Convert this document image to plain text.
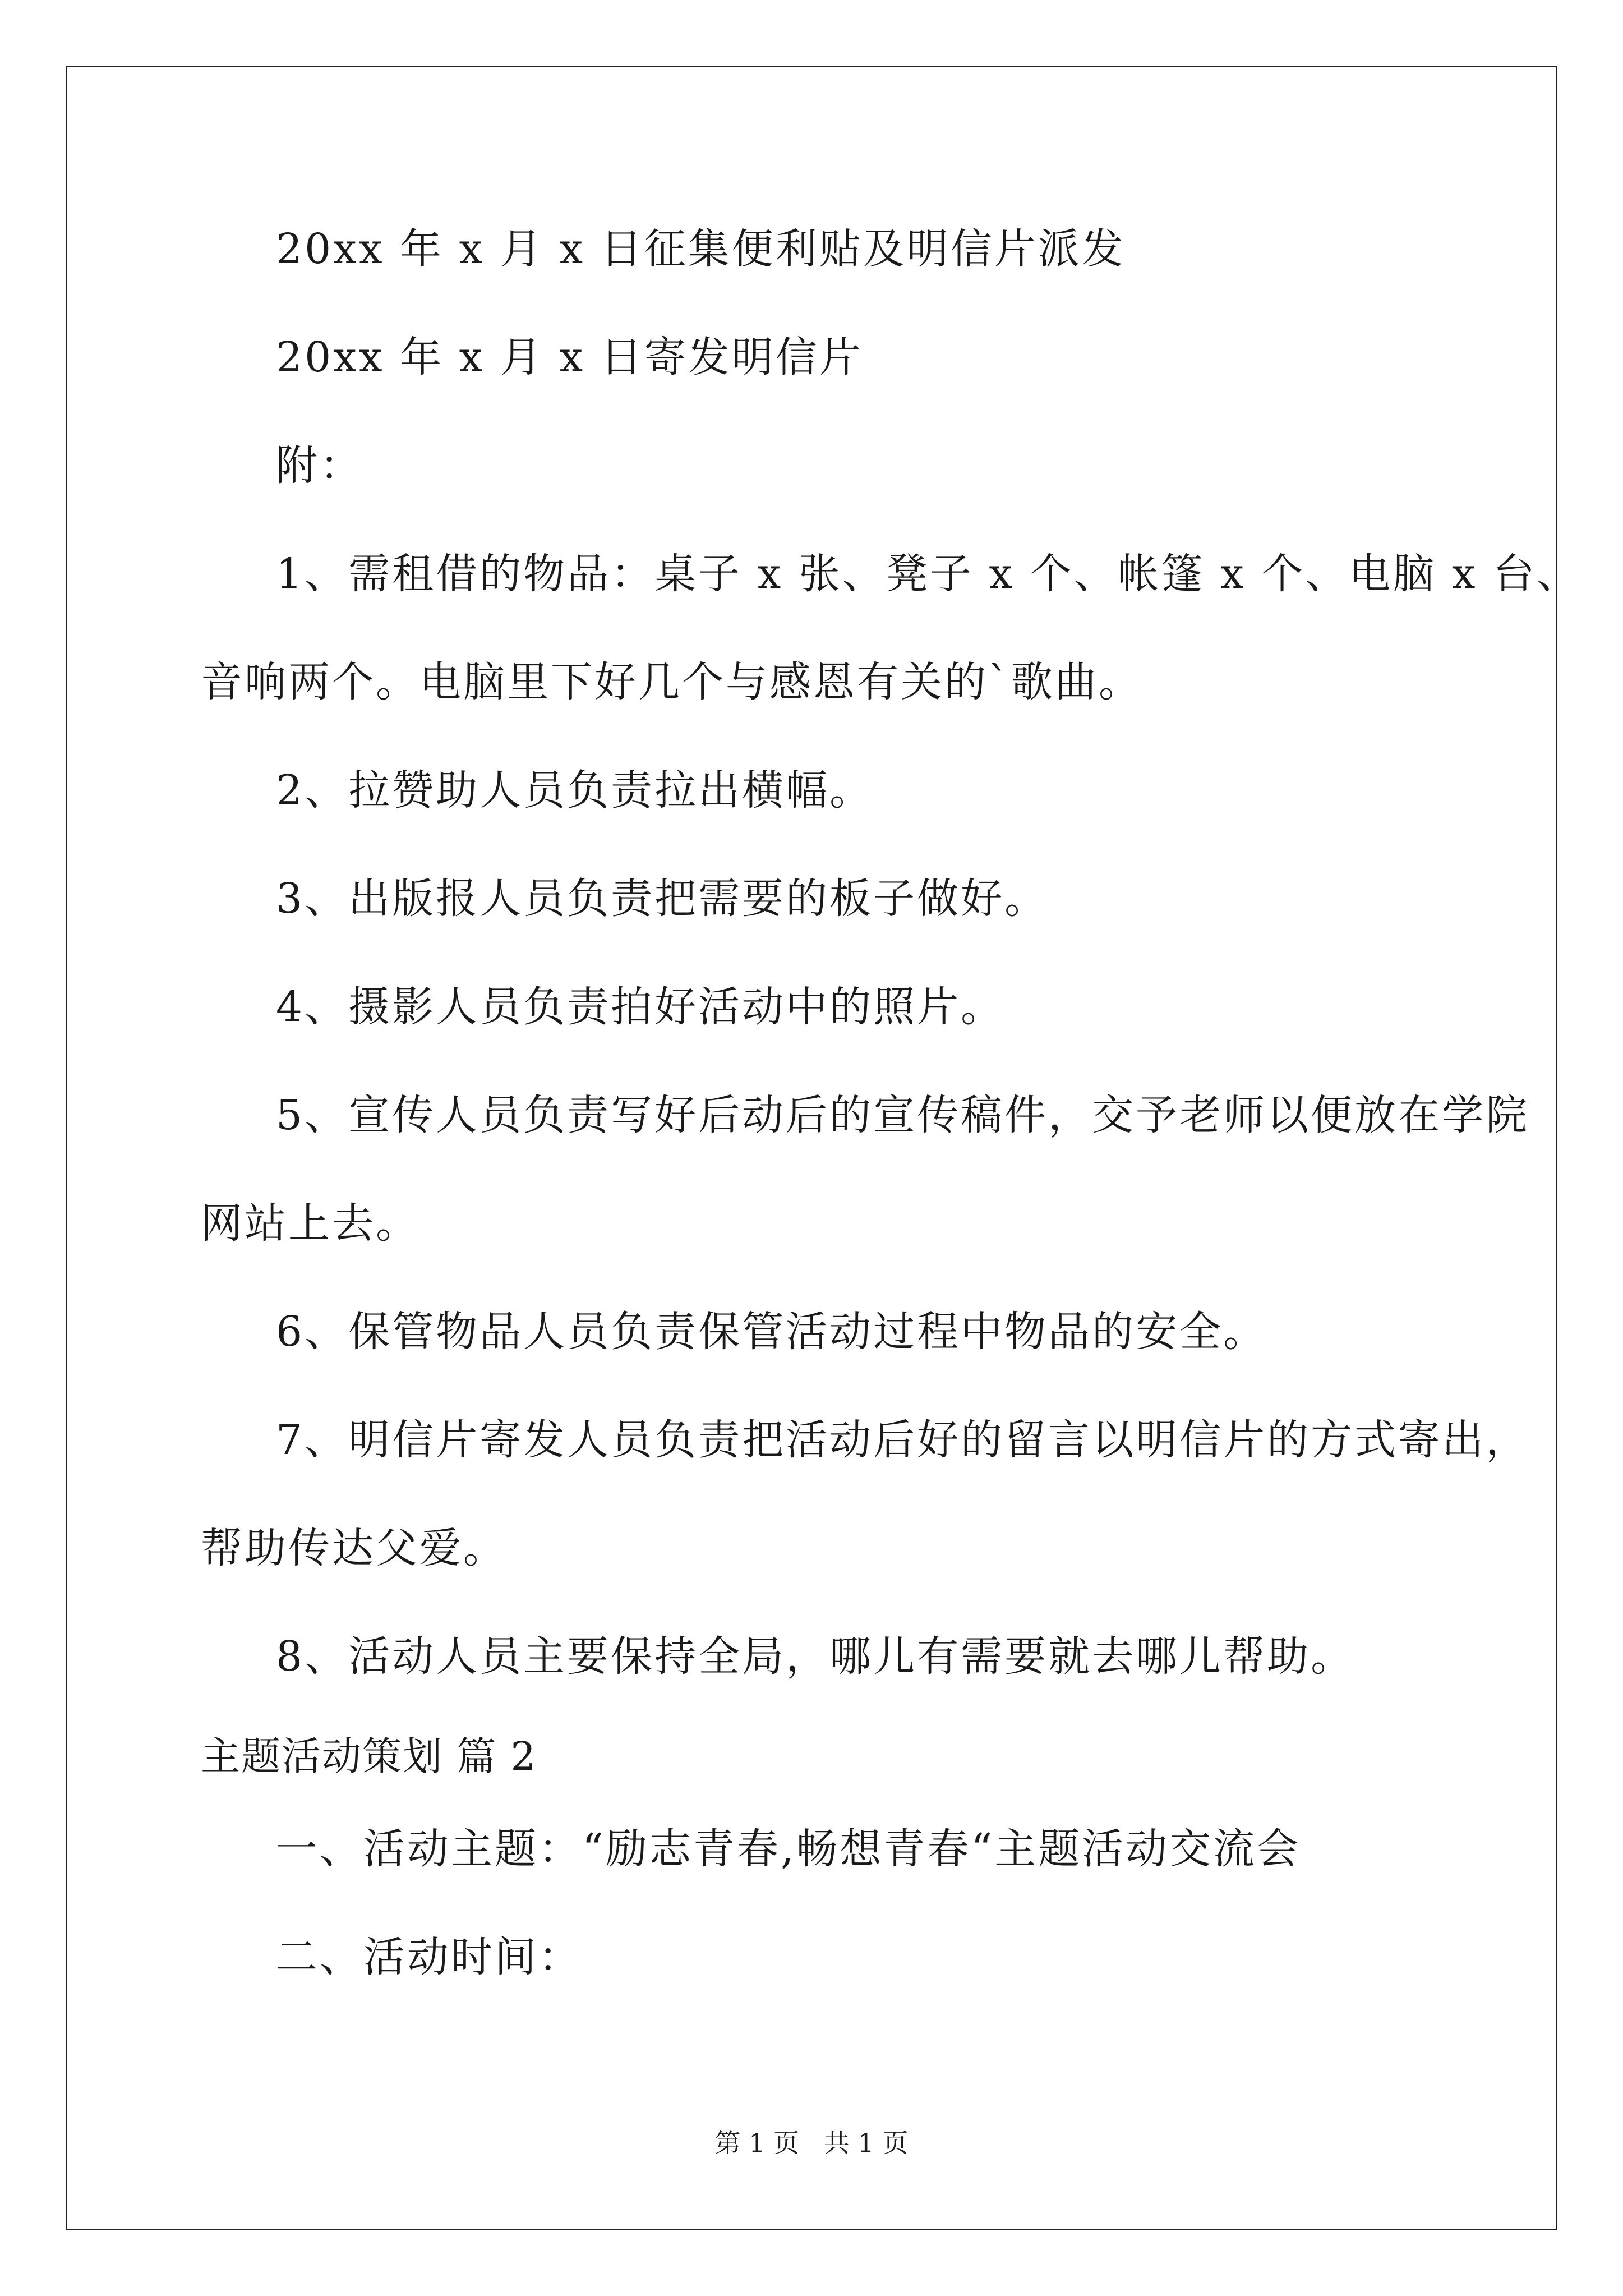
20xx 年 x 月 x 日征集便利贴及明信片派发
20xx 年 x 月 x 日寄发明信片
附：
1、需租借的物品：桌子 x 张、凳子 x 个、帐篷 x 个、电脑 x 台、
音响两个。电脑里下好几个与感恩有关的`歌曲。
2、拉赞助人员负责拉出横幅。
3、出版报人员负责把需要的板子做好。
4、摄影人员负责拍好活动中的照片。
5、宣传人员负责写好后动后的宣传稿件，交予老师以便放在学院
网站上去。
6、保管物品人员负责保管活动过程中物品的安全。
7、明信片寄发人员负责把活动后好的留言以明信片的方式寄出，
帮助传达父爱。
8、活动人员主要保持全局，哪儿有需要就去哪儿帮助。
主题活动策划 篇 2
一、活动主题：“励志青春,畅想青春“主题活动交流会
二、活动时间：
第 1 页   共 1 页
